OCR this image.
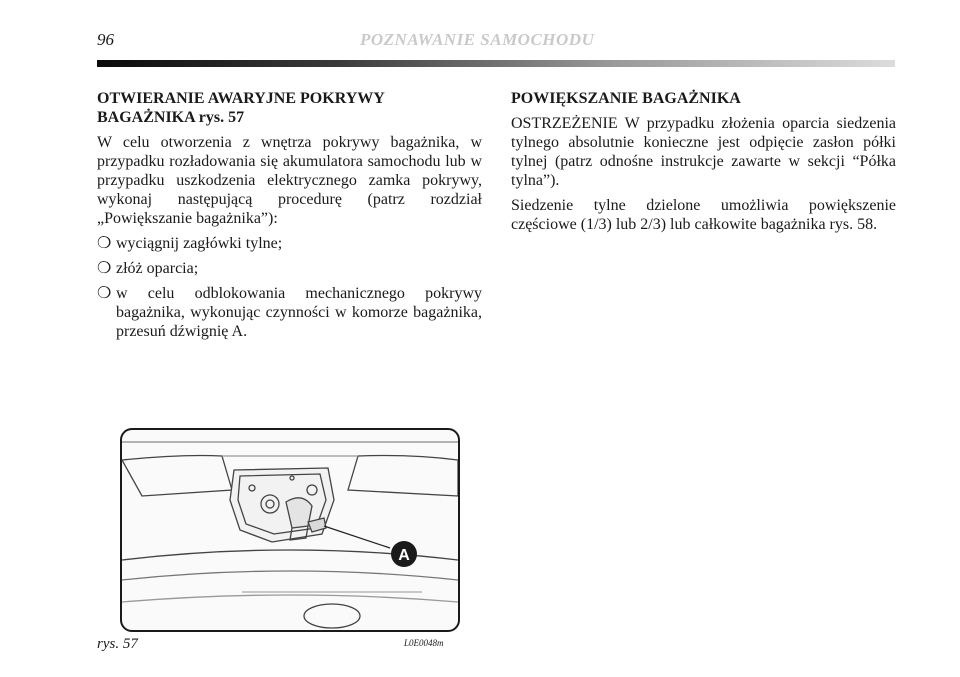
96	POZNAWANIE SAMOCHODU
OTWIERANIE AWARYJNE POKRYWY
BAGAŻNIKA rys. 57

W celu otworzenia z wnętrza pokrywy bagażnika, w przypadku rozładowania się akumulatora samochodu lub w przypadku uszkodzenia elektrycznego zamka pokrywy, wykonaj następującą procedurę (patrz rozdział „Powiększanie bagażnika”):

❍ wyciągnij zagłówki tylne;
❍ złóż oparcia;
❍ w celu odblokowania mechanicznego pokrywy bagażnika, wykonując czynności w komorze bagażnika, przesuń dźwignię A.
POWIĘKSZANIE BAGAŻNIKA

OSTRZEŻENIE W przypadku złożenia oparcia siedzenia tylnego absolutnie konieczne jest odpięcie zasłon półki tylnej (patrz odnośne instrukcje zawarte w sekcji “Półka tylna”).

Siedzenie tylne dzielone umożliwia powiększenie częściowe (1/3) lub 2/3) lub całkowite bagażnika rys. 58.

A
rys. 57	L0E0048m
